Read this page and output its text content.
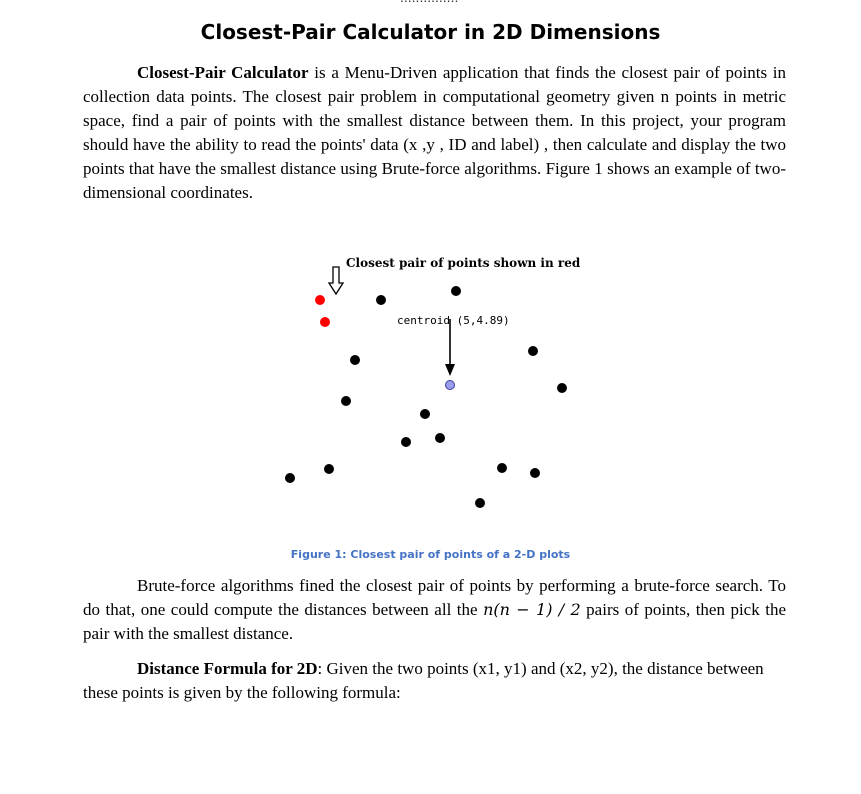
Closest-Pair Calculator in 2D Dimensions

Closest-Pair Calculator is a Menu-Driven application that finds the closest pair of points in collection data points. The closest pair problem in computational geometry given n points in metric space, find a pair of points with the smallest distance between them. In this project, your program should have the ability to read the points' data (x ,y , ID and label) , then calculate and display the two points that have the smallest distance using Brute-force algorithms. Figure 1 shows an example of two-dimensional coordinates.

Closest pair of points shown in red
centroid (5,4.89)
Figure 1: Closest pair of points of a 2-D plots

Brute-force algorithms fined the closest pair of points by performing a brute-force search. To do that, one could compute the distances between all the n(n − 1) / 2 pairs of points, then pick the pair with the smallest distance.

Distance Formula for 2D: Given the two points (x1, y1) and (x2, y2), the distance between these points is given by the following formula:
